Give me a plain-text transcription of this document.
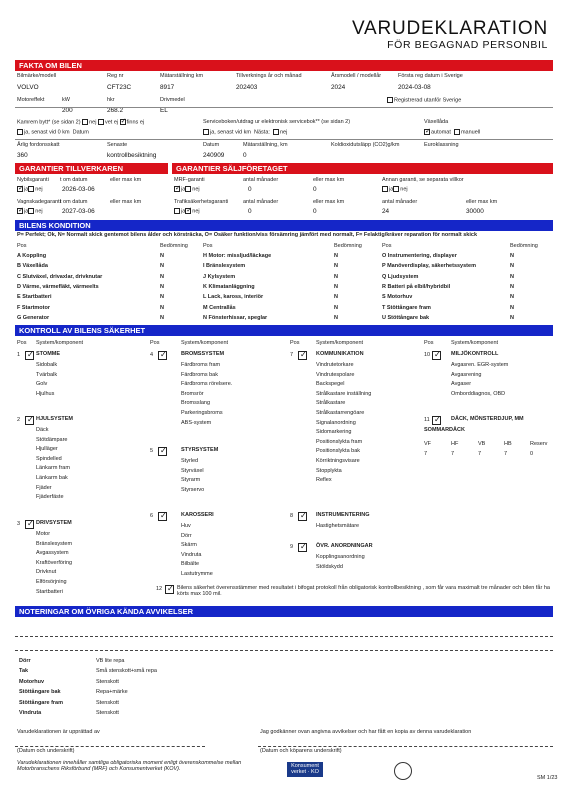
VARUDEKLARATION
FÖR BEGAGNAD PERSONBIL
FAKTA OM BILEN
Bilmärke/modell
VOLVO
Reg nr
CFT23C
Mätarställning km
8917
Tillverknings år och månad
202403
Årsmodell / modellår
2024
Första reg datum i Sverige
2024-03-08
Motoreffekt	kW
200
hkr
268.2
Drivmedel
EL
Registrerad utanför Sverige
Kamrem bytt* (se sidan 2) nej vet ej ✓ finns ej
ja, senast vid 0 km Datum
Serviceboken/utdrag ur elektronisk servicebok** (se sidan 2)
ja, senast vid km Nästa: nej
Växellåda
✓automat manuell
Årlig fordonsskatt
360
Senaste
kontrollbesiktning
Datum
240909
Mätarställning, km
0
Koldioxidutsläpp (CO2)g/km	Euroklassning
GARANTIER TILLVERKAREN	GARANTIER SÄLJFÖRETAGET
Nybilsgaranti t om datum	eller max km
✓ja nej	2026-03-06
Vagnskadegaranti t om datum	eller max km
✓ja nej	2027-03-06
MRF-garanti	antal månader	eller max km
✓ja nej	0	0
Annan garanti, se separata villkor
ja nej
Trafiksäkerhetsgaranti	antal månader	eller max km	antal månader	eller max km
ja ✓ nej	0	0	24	30000
BILENS KONDITION
P= Perfekt; Ok, N= Normalt skick gentemot bilens ålder och körsträcka, O= Osäker funktion/viss försämring jämfört med normalt, F= Felaktig/kräver reparation för normalt skick
Pos	Bedömning	Pos	Bedömning	Pos	Bedömning
A Koppling	N
B Växellåda	N
C Slutväxel, drivaxlar, drivknutar	N
D Värme, värmefläkt, värmeelts	N
E Startbatteri	N
F Startmotor	N
G Generator	N
H Motor: missljud/läckage	N
I Bränslesystem	N
J Kylsystem	N
K Klimatanläggning	N
L Lack, kaross, interiör	N
M Centrallås	N
N Fönsterhissar, speglar	N
O Instrumentering, displayer	N
P Manöverdisplay, säkerhetssystem	N
Q Ljudsystem	N
R Batteri på elbil/hybridbil	N
S Motorhuv	N
T Stöttångare fram	N
U Stöttångare bak	N
KONTROLL AV BILENS SÄKERHET
Pos System/komponent	Pos	System/komponent	Pos	System/komponent	Pos	System/komponent
1 ✓	STOMME
Sidobalk
Tvärbalk
Golv
Hjulhus
2 ✓	HJULSYSTEM
Däck
Stötdämpare
Hjulläger
Spindelled
Länkarm fram
Länkarm bak
Fjäder
Fjäderfäste
3 ✓	DRIVSYSTEM
Motor
Bränslesystem
Avgassystem
Kraftöverföring
Drivknut
Elförsörjning
Startbatteri
4 ✓	BROMSSYSTEM
Färdbroms fram
Färdbroms bak
Färdbroms rörelsere.
Bromsrör
Bromsslang
Parkeringsbroms
ABS-system
5 ✓	STYRSYSTEM
Styrled
Styrväxel
Styrarm
Styrservo
6 ✓	KAROSSERI
Huv
Dörr
Skärm
Vindruta
Bilbälte
Lastutrymme
7 ✓	KOMMUNIKATION
Vindrutetorkare
Vindrutespolare
Backspegel
Strålkastare inställning
Strålkastare
Strålkastarrengöare
Signalanordning
Sidomarkering
Positionslykta fram
Positionslykta bak
Körriktningsvisare
Stopplykta
Reflex
8 ✓	INSTRUMENTERING
Hastighetsmätare
9 ✓	ÖVR. ANORDNINGAR
Kopplingsanordning
Stöldskydd
10 ✓	MILJÖKONTROLL
Avgasren. EGR-system
Avgasrening
Avgaser
Omborddiagnos, OBD
11 ✓	DÄCK, MÖNSTERDJUP, MM
SOMMARDÄCK
VF
7
HF
7
VB
7
HB
7
Reserv
0
12 ✓	Bilens säkerhet överensstämmer med resultatet i bifogat protokoll från obligatorisk kontrollbesiktning , som får vara maximalt tre månader och bilen får ha körts max 100 mil.
NOTERINGAR OM ÖVRIGA KÄNDA AVVIKELSER
Dörr	VB lite repa
Tak	Små stenskott+små repa
Motorhuv	Stenskott
Stöttångare bak	Repa+märke
Stöttångare fram	Stenskott
Vindruta	Stenskott
Varudeklarationen är upprättad av
(Datum och underskrift)
Jag godkänner ovan angivna avvikelser och har fått en kopia av denna varudeklaration
(Datum och köparens underskrift)
Varudeklarationen innehåller samtliga obligatoriska moment enligt överenskommelse mellan Motorbranschens Riksförbund (MRF) och Konsumentverket (KOV).
Konsument verket · KO
SM 1/23
